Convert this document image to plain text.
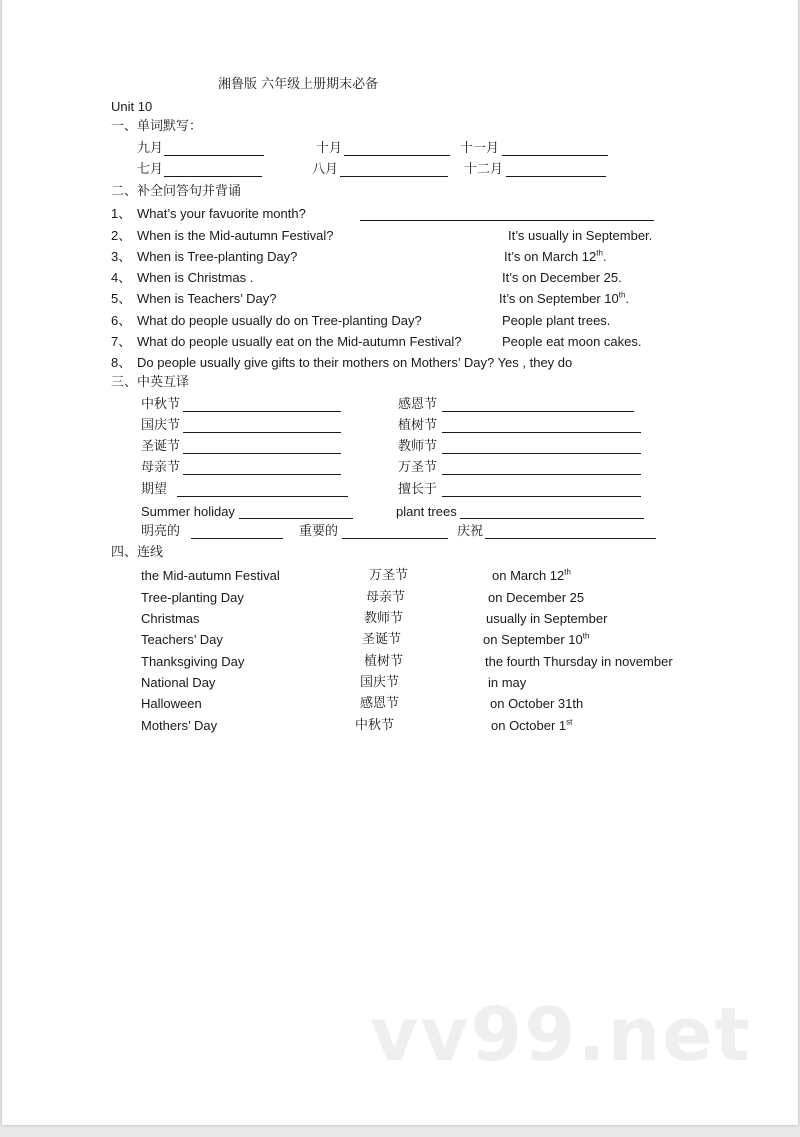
湘鲁版 六年级上册期末必备
Unit 10
一、单词默写：
九月	十月	十一月
七月	八月	十二月
二、补全问答句并背诵
1、 What’s your favuorite month?
2、 When is the Mid-autumn Festival?	It’s usually in September.
3、 When is Tree-planting Day?	It’s on March 12th.
4、 When is Christmas .	It’s on December 25.
5、 When is Teachers’ Day?	It’s on September 10th.
6、 What do people usually do on Tree-planting Day?	People plant trees.
7、 What do people usually eat on the Mid-autumn Festival?	People eat moon cakes.
8、 Do people usually give gifts to their mothers on Mothers’ Day? Yes , they do
三、中英互译
中秋节	感恩节
国庆节	植树节
圣诞节	教师节
母亲节	万圣节
期望	擅长于
Summer holiday	plant trees
明亮的	重要的	庆祝
四、连线
the Mid-autumn Festival	万圣节	on March 12th
Tree-planting Day	母亲节	on December 25
Christmas	教师节	usually in September
Teachers’ Day	圣诞节	on September 10th
Thanksgiving Day	植树节	the fourth Thursday in november
National Day	国庆节	in may
Halloween	感恩节	on October 31th
Mothers’ Day	中秋节	on October 1st
vv99.net
